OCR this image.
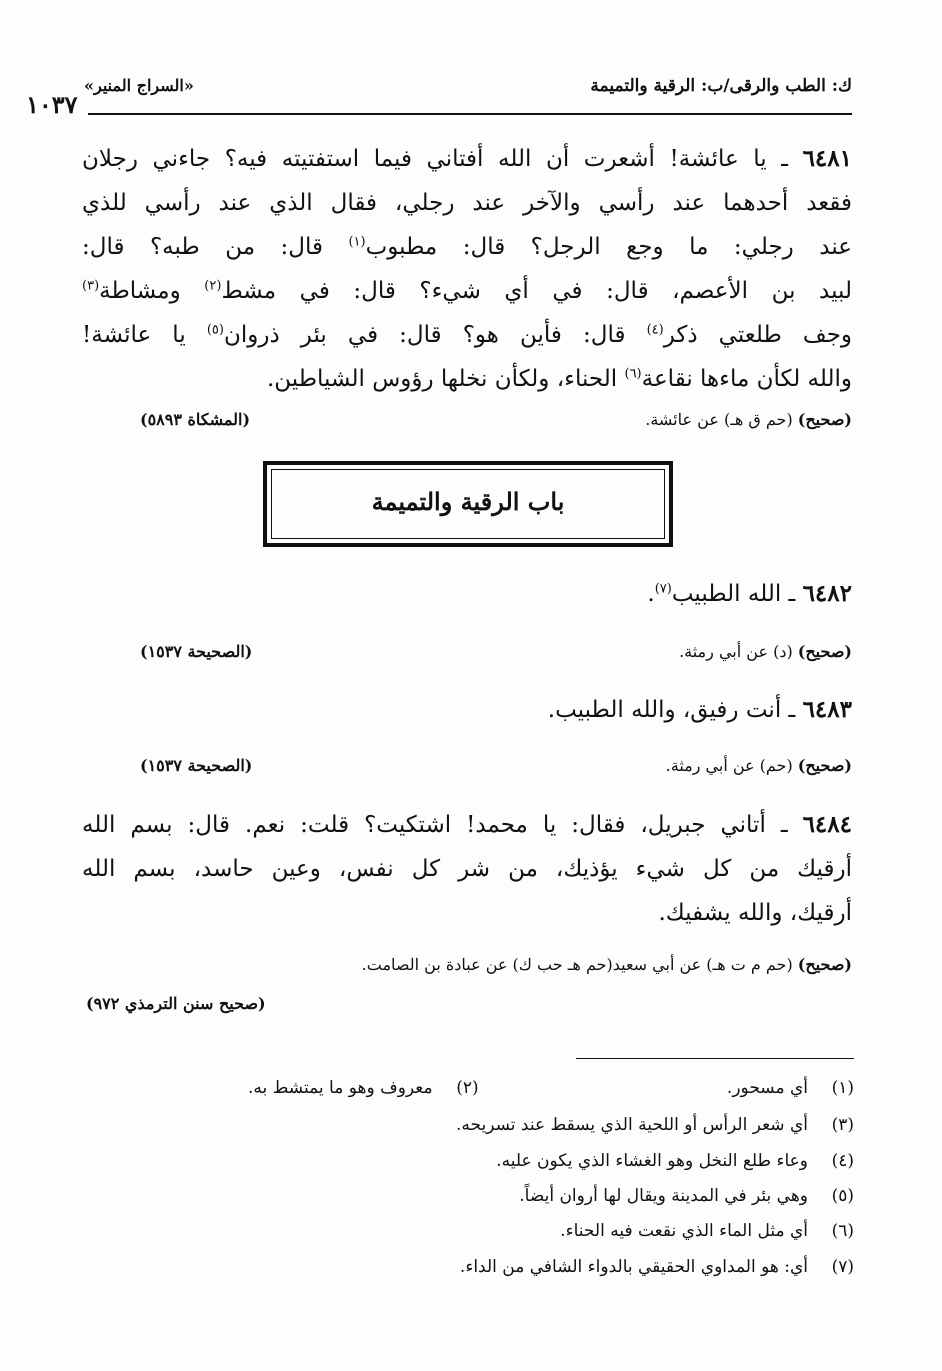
ك: الطب والرقى/ب: الرقية والتميمة
«السراج المنير»
١٠٣٧
٦٤٨١ ـ يا عائشة! أشعرت أن الله أفتاني فيما استفتيته فيه؟ جاءني رجلان
فقعد أحدهما عند رأسي والآخر عند رجلي، فقال الذي عند رأسي للذي
عند رجلي: ما وجع الرجل؟ قال: مطبوب$^{(١)}$ قال: من طبه؟ قال:
لبيد بن الأعصم، قال: في أي شيء؟ قال: في مشط$^{(٢)}$ ومشاطة$^{(٣)}$
وجف طلعتي ذكر$^{(٤)}$ قال: فأين هو؟ قال: في بئر ذروان$^{(٥)}$ يا عائشة!
والله لكأن ماءها نقاعة$^{(٦)}$ الحناء، ولكأن نخلها رؤوس الشياطين.
(صحيح) (حم ق هـ) عن عائشة.
(المشكاة ٥٨٩٣)
باب الرقية والتميمة
٦٤٨٢ ـ الله الطبيب$^{(٧)}$.
(صحيح) (د) عن أبي رمثة.
(الصحيحة ١٥٣٧)
٦٤٨٣ ـ أنت رفيق، والله الطبيب.
(صحيح) (حم) عن أبي رمثة.
(الصحيحة ١٥٣٧)
٦٤٨٤ ـ أتاني جبريل، فقال: يا محمد! اشتكيت؟ قلت: نعم. قال: بسم الله
أرقيك من كل شيء يؤذيك، من شر كل نفس، وعين حاسد، بسم الله
أرقيك، والله يشفيك.
(صحيح) (حم م ت هـ) عن أبي سعيد(حم هـ حب ك) عن عبادة بن الصامت.
(صحيح سنن الترمذي ٩٧٢)
(١)أي مسحور.
(٢)معروف وهو ما يمتشط به.
(٣)أي شعر الرأس أو اللحية الذي يسقط عند تسريحه.
(٤)وعاء طلع النخل وهو الغشاء الذي يكون عليه.
(٥)وهي بئر في المدينة ويقال لها أروان أيضاً.
(٦)أي مثل الماء الذي نقعت فيه الحناء.
(٧)أي: هو المداوي الحقيقي بالدواء الشافي من الداء.
